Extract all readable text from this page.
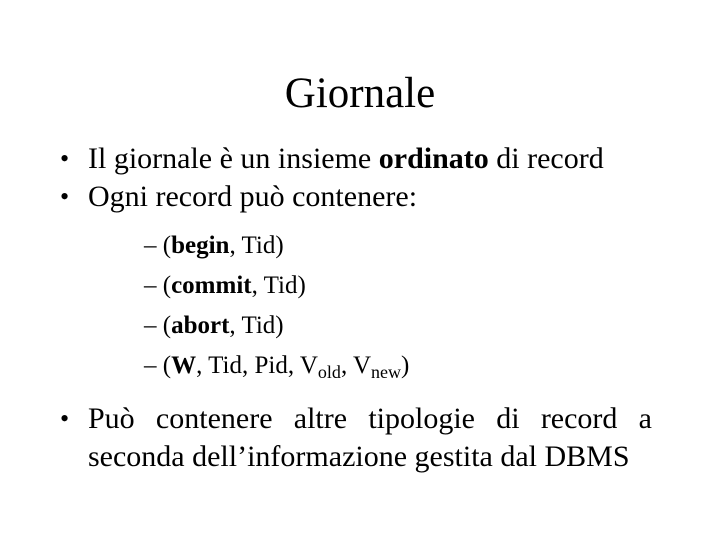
Giornale
• Il giornale è un insieme ordinato di record
• Ogni record può contenere:
– (begin, Tid)
– (commit, Tid)
– (abort, Tid)
– (W, Tid, Pid, $V_{old}$, $V_{new}$)
• Può contenere altre tipologie di record a seconda dell’informazione gestita dal DBMS
